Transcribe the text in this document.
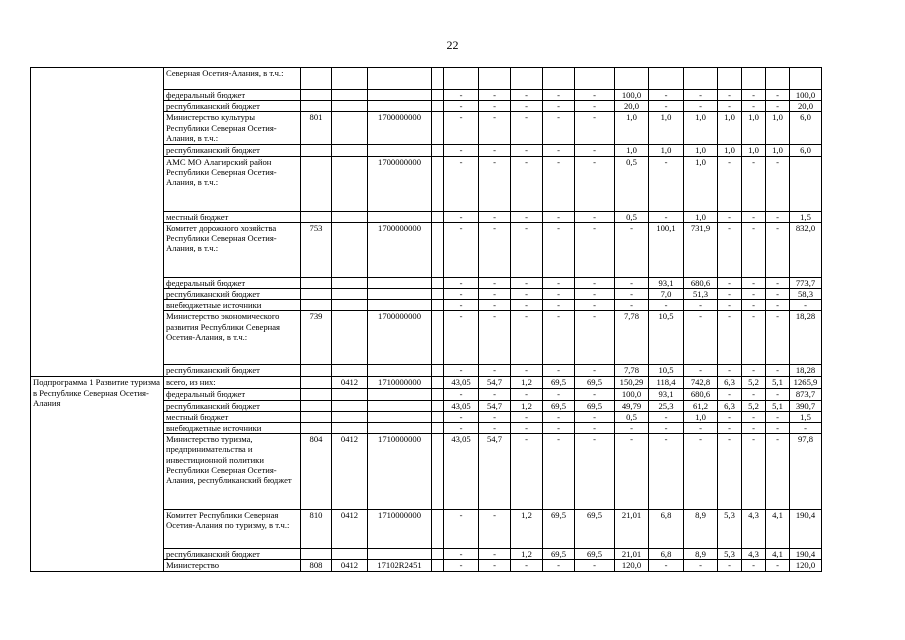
22
	Северная Осетия-Алания, в т.ч.:																
	федеральный бюджет					-	-	-	-	-	100,0	-	-	-	-	-	100,0
	республиканский бюджет					-	-	-	-	-	20,0	-	-	-	-	-	20,0
	Министерство культуры Республики Северная Осетия-Алания, в т.ч.:	801		1700000000		-	-	-	-	-	1,0	1,0	1,0	1,0	1,0	1,0	6,0
	республиканский бюджет					-	-	-	-	-	1,0	1,0	1,0	1,0	1,0	1,0	6,0
	АМС МО Алагирский район Республики Северная Осетия-Алания, в т.ч.:			1700000000		-	-	-	-	-	0,5	-	1,0	-	-	-	
	местный бюджет					-	-	-	-	-	0,5	-	1,0	-	-	-	1,5
	Комитет дорожного хозяйства Республики Северная Осетия-Алания, в т.ч.:	753		1700000000		-	-	-	-	-	-	100,1	731,9	-	-	-	832,0
	федеральный бюджет					-	-	-	-	-	-	93,1	680,6	-	-	-	773,7
	республиканский бюджет					-	-	-	-	-	-	7,0	51,3	-	-	-	58,3
	внебюджетные источники					-	-	-	-	-	-	-	-	-	-	-	-
	Министерство экономического развития Республики Северная Осетия-Алания, в т.ч.:	739		1700000000		-	-	-	-	-	7,78	10,5	-	-	-	-	18,28
	республиканский бюджет					-	-	-	-	-	7,78	10,5	-	-	-	-	18,28
Подпрограмма 1 Развитие туризма в Республике Северная Осетия-Алания	всего, из них:		0412	1710000000		43,05	54,7	1,2	69,5	69,5	150,29	118,4	742,8	6,3	5,2	5,1	1265,9
	федеральный бюджет					-	-	-	-	-	100,0	93,1	680,6	-	-	-	873,7
	республиканский бюджет					43,05	54,7	1,2	69,5	69,5	49,79	25,3	61,2	6,3	5,2	5,1	390,7
	местный бюджет					-	-	-	-	-	0,5	-	1,0	-	-	-	1,5
	внебюджетные источники					-	-	-	-	-	-	-	-	-	-	-	-
	Министерство туризма, предпринимательства и инвестиционной политики Республики Северная Осетия-Алания, республиканский бюджет	804	0412	1710000000		43,05	54,7	-	-	-	-	-	-	-	-	-	97,8
	Комитет Республики Северная Осетия-Алания по туризму, в т.ч.:	810	0412	1710000000		-	-	1,2	69,5	69,5	21,01	6,8	8,9	5,3	4,3	4,1	190,4
	республиканский бюджет					-	-	1,2	69,5	69,5	21,01	6,8	8,9	5,3	4,3	4,1	190,4
	Министерство	808	0412	17102R2451		-	-	-	-	-	120,0	-	-	-	-	-	120,0
